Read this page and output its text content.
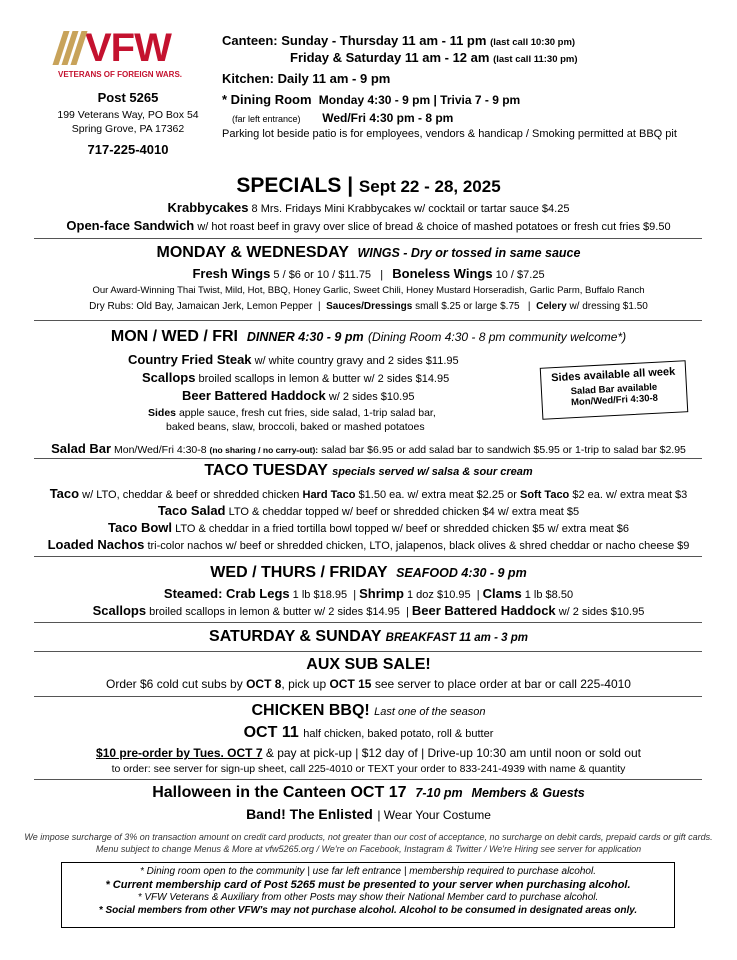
VFW
VETERANS OF FOREIGN WARS.
Post 5265
199 Veterans Way, PO Box 54
Spring Grove, PA 17362
717-225-4010
Canteen: Sunday - Thursday 11 am - 11 pm (last call 10:30 pm)
Friday & Saturday 11 am - 12 am (last call 11:30 pm)
Kitchen: Daily 11 am - 9 pm
* Dining Room Monday 4:30 - 9 pm | Trivia 7 - 9 pm
(far left entrance) Wed/Fri 4:30 pm - 8 pm
Parking lot beside patio is for employees, vendors & handicap / Smoking permitted at BBQ pit
SPECIALS | Sept 22 - 28, 2025
Krabbycakes 8 Mrs. Fridays Mini Krabbycakes w/ cocktail or tartar sauce $4.25
Open-face Sandwich w/ hot roast beef in gravy over slice of bread & choice of mashed potatoes or fresh cut fries $9.50
MONDAY & WEDNESDAY WINGS - Dry or tossed in same sauce
Fresh Wings 5 / $6 or 10 / $11.75   |   Boneless Wings 10 / $7.25
Our Award-Winning Thai Twist, Mild, Hot, BBQ, Honey Garlic, Sweet Chili, Honey Mustard Horseradish, Garlic Parm, Buffalo Ranch
Dry Rubs: Old Bay, Jamaican Jerk, Lemon Pepper  |  Sauces/Dressings small $.25 or large $.75   |  Celery w/ dressing $1.50
MON / WED / FRI DINNER 4:30 - 9 pm (Dining Room 4:30 - 8 pm community welcome*)
Country Fried Steak w/ white country gravy and 2 sides $11.95
Scallops broiled scallops in lemon & butter w/ 2 sides $14.95
Beer Battered Haddock w/ 2 sides $10.95
Sides apple sauce, fresh cut fries, side salad, 1-trip salad bar,
baked beans, slaw, broccoli, baked or mashed potatoes
Sides available all week
Salad Bar available
Mon/Wed/Fri 4:30-8
Salad Bar Mon/Wed/Fri 4:30-8 (no sharing / no carry-out): salad bar $6.95 or add salad bar to sandwich $5.95 or 1-trip to salad bar $2.95
TACO TUESDAY specials served w/ salsa & sour cream
Taco w/ LTO, cheddar & beef or shredded chicken Hard Taco $1.50 ea. w/ extra meat $2.25 or Soft Taco $2 ea. w/ extra meat $3
Taco Salad LTO & cheddar topped w/ beef or shredded chicken $4 w/ extra meat $5
Taco Bowl LTO & cheddar in a fried tortilla bowl topped w/ beef or shredded chicken $5 w/ extra meat $6
Loaded Nachos tri-color nachos w/ beef or shredded chicken, LTO, jalapenos, black olives & shred cheddar or nacho cheese $9
WED / THURS / FRIDAY SEAFOOD 4:30 - 9 pm
Steamed: Crab Legs 1 lb $18.95  | Shrimp 1 doz $10.95  | Clams 1 lb $8.50
Scallops broiled scallops in lemon & butter w/ 2 sides $14.95  | Beer Battered Haddock w/ 2 sides $10.95
SATURDAY & SUNDAY BREAKFAST 11 am - 3 pm
AUX SUB SALE!
Order $6 cold cut subs by OCT 8, pick up OCT 15 see server to place order at bar or call 225-4010
CHICKEN BBQ! Last one of the season
OCT 11 half chicken, baked potato, roll & butter
$10 pre-order by Tues. OCT 7 & pay at pick-up | $12 day of | Drive-up 10:30 am until noon or sold out
to order: see server for sign-up sheet, call 225-4010 or TEXT your order to 833-241-4939 with name & quantity
Halloween in the Canteen OCT 17 7-10 pm Members & Guests
Band! The Enlisted | Wear Your Costume
We impose surcharge of 3% on transaction amount on credit card products, not greater than our cost of acceptance, no surcharge on debit cards, prepaid cards or gift cards.
Menu subject to change Menus & More at vfw5265.org / We're on Facebook, Instagram & Twitter / We're Hiring see server for application
* Dining room open to the community | use far left entrance | membership required to purchase alcohol.
* Current membership card of Post 5265 must be presented to your server when purchasing alcohol.
* VFW Veterans & Auxiliary from other Posts may show their National Member card to purchase alcohol.
* Social members from other VFW's may not purchase alcohol. Alcohol to be consumed in designated areas only.
